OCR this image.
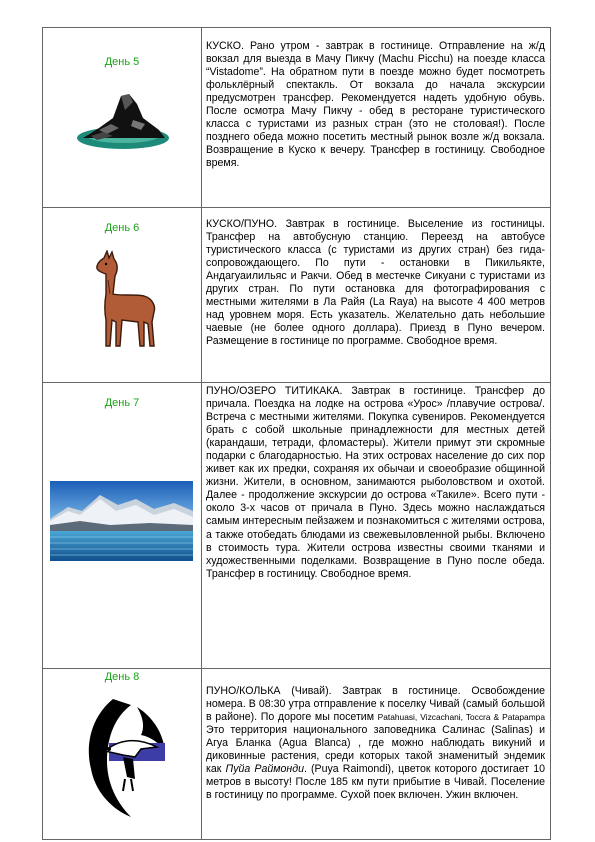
День 5

КУСКО. Рано утром - завтрак в гостинице. Отправление на ж/д вокзал для выезда в Мачу Пикчу (Machu Picchu) на поезде класса “Vistadome”. На обратном пути в поезде можно будет посмотреть фольклёрный спектакль. От вокзала до начала экскурсии предусмотрен трансфер. Рекомендуется надеть удобную обувь. После осмотра Мачу Пикчу - обед в ресторане туристического класса с туристами из разных стран (это не столовая!). После позднего обеда можно посетить местный рынок возле ж/д вокзала. Возвращение в Куско к вечеру. Трансфер в гостиницу. Свободное время.

День 6	КУСКО/ПУНО. Завтрак в гостинице. Выселение из гостиницы. Трансфер на автобусную станцию. Переезд на автобусе туристического класса (с туристами из других стран) без гида- сопровождающего. По пути - остановки в Пикильякте, Андагуаилильяс и Ракчи. Обед в местечке Сикуани с туристами из других стран. По пути остановка для фотографирования с местными жителями в Ла Райя (La Raya) на высоте 4 400 метров над уровнем моря. Есть указатель. Желательно дать небольшие чаевые (не более одного доллара). Приезд в Пуно вечером. Размещение в гостинице по программе. Свободное время.

День 7

ПУНО/ОЗЕРО ТИТИКАКА. Завтрак в гостинице. Трансфер до причала. Поездка на лодке на острова «Урос» /плавучие острова/. Встреча с местными жителями. Покупка сувениров. Рекомендуется брать с собой школьные принадлежности для местных детей (карандаши, тетради, фломастеры). Жители примут эти скромные подарки с благодарностью. На этих островах население до сих пор живет как их предки, сохраняя их обычаи и своеобразие общинной жизни. Жители, в основном, занимаются рыболовством и охотой. Далее - продолжение экскурсии до острова «Такиле». Всего пути - около 3-х часов от причала в Пуно. Здесь можно наслаждаться самым интересным пейзажем и познакомиться с жителями острова, а также отобедать блюдами из свежевыловленной рыбы. Включено в стоимость тура. Жители острова известны своими тканями и художественными поделками. Возвращение в Пуно после обеда. Трансфер в гостиницу. Свободное время.

День 8

ПУНО/КОЛЬКА (Чивай). Завтрак в гостинице. Освобождение номера. В 08:30 утра отправление к поселку Чивай (самый большой в районе). По дороге мы посетим Patahuasi, Vizcachani, Toccra & Patapampa Это территория национального заповедника Салинас (Salinas) и Агуа Бланка (Agua Blanca) , где можно наблюдать викуний и диковинные растения, среди которых такой знаменитый эндемик как Пуйа Раймонди. (Puya Raimondi), цветок которого достигает 10 метров в высоту! После 185 км пути прибытие в Чивай. Поселение в гостиницу по программе. Сухой поек включен. Ужин включен.
